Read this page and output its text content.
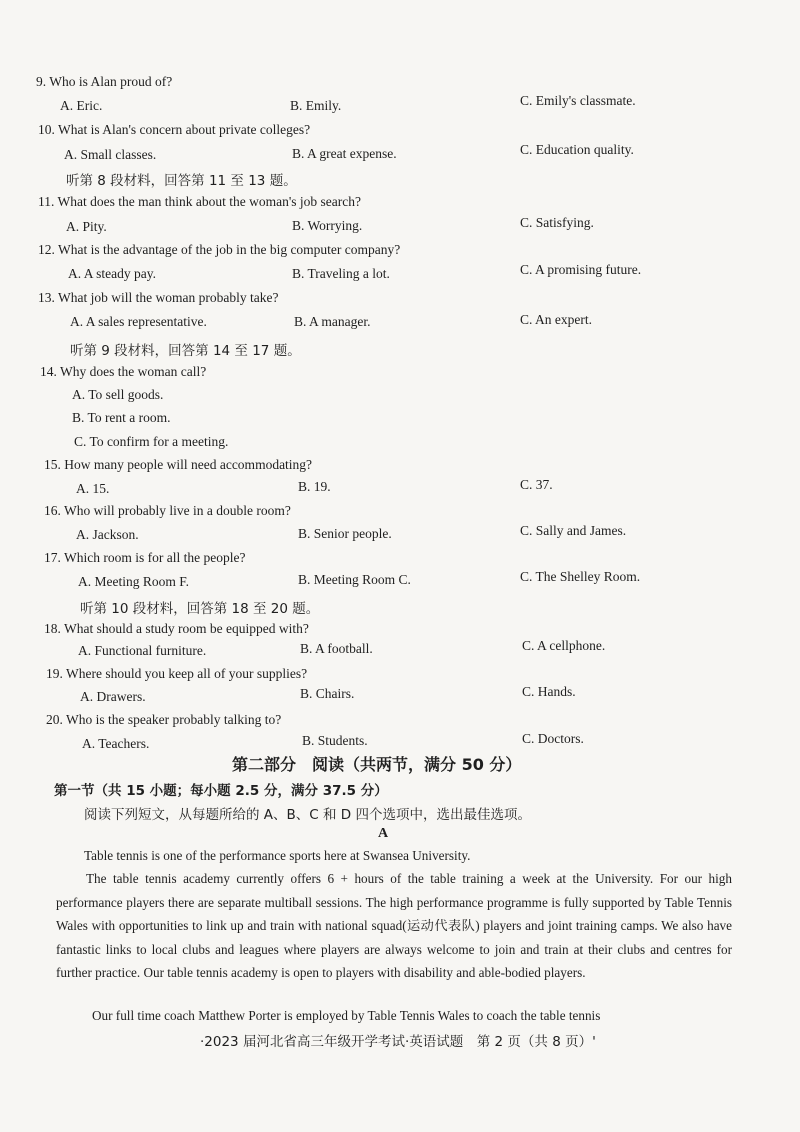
9. Who is Alan proud of?
A. Eric.	B. Emily.	C. Emily's classmate.
10. What is Alan's concern about private colleges?
A. Small classes.	B. A great expense.	C. Education quality.
听第 8 段材料，回答第 11 至 13 题。
11. What does the man think about the woman's job search?
A. Pity.	B. Worrying.	C. Satisfying.
12. What is the advantage of the job in the big computer company?
A. A steady pay.	B. Traveling a lot.	C. A promising future.
13. What job will the woman probably take?
A. A sales representative.	B. A manager.	C. An expert.
听第 9 段材料，回答第 14 至 17 题。
14. Why does the woman call?
A. To sell goods.
B. To rent a room.
C. To confirm for a meeting.
15. How many people will need accommodating?
A. 15.	B. 19.	C. 37.
16. Who will probably live in a double room?
A. Jackson.	B. Senior people.	C. Sally and James.
17. Which room is for all the people?
A. Meeting Room F.	B. Meeting Room C.	C. The Shelley Room.
听第 10 段材料，回答第 18 至 20 题。
18. What should a study room be equipped with?
A. Functional furniture.	B. A football.	C. A cellphone.
19. Where should you keep all of your supplies?
A. Drawers.	B. Chairs.	C. Hands.
20. Who is the speaker probably talking to?
A. Teachers.	B. Students.	C. Doctors.
第二部分　阅读（共两节，满分 50 分）
第一节（共 15 小题；每小题 2.5 分，满分 37.5 分）
阅读下列短文，从每题所给的 A、B、C 和 D 四个选项中，选出最佳选项。
A
Table tennis is one of the performance sports here at Swansea University.
The table tennis academy currently offers 6 + hours of the table training a week at the University. For our high performance players there are separate multiball sessions. The high performance programme is fully supported by Table Tennis Wales with opportunities to link up and train with national squad(运动代表队) players and joint training camps. We also have fantastic links to local clubs and leagues where players are always welcome to join and train at their clubs and centres for further practice. Our table tennis academy is open to players with disability and able-bodied players.
Our full time coach Matthew Porter is employed by Table Tennis Wales to coach the table tennis
·2023 届河北省高三年级开学考试·英语试题　第 2 页（共 8 页）'
